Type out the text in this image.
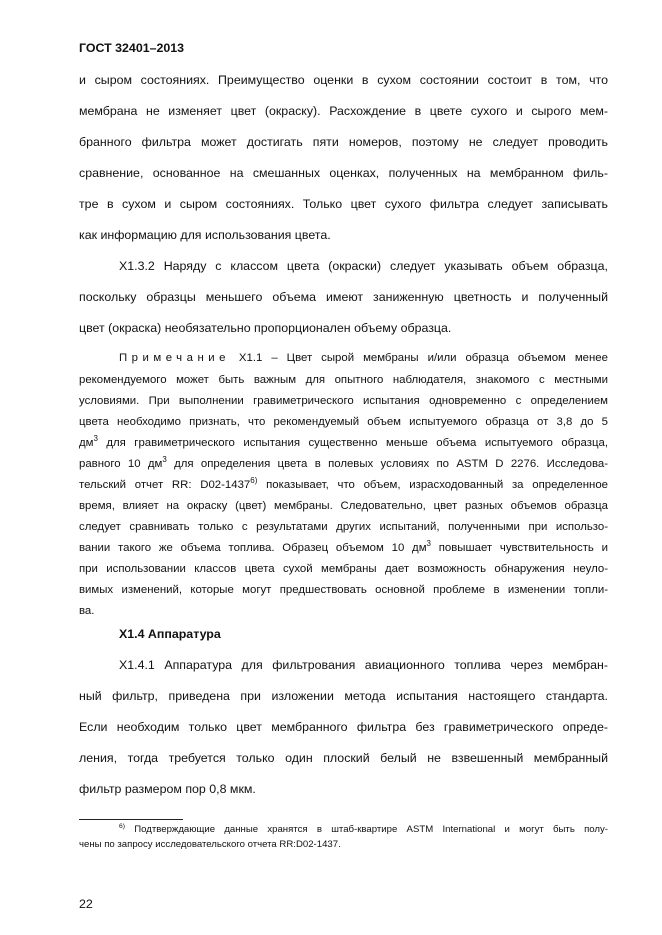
ГОСТ 32401–2013
и сыром состояниях. Преимущество оценки в сухом состоянии состоит в том, что
мембрана не изменяет цвет (окраску). Расхождение в цвете сухого и сырого мем-
бранного фильтра может достигать пяти номеров, поэтому не следует проводить
сравнение, основанное на смешанных оценках, полученных на мембранном филь-
тре в сухом и сыром состояниях. Только цвет сухого фильтра следует записывать
как информацию для использования цвета.
Х1.3.2 Наряду с классом цвета (окраски) следует указывать объем образца,
поскольку образцы меньшего объема имеют заниженную цветность и полученный
цвет (окраска) необязательно пропорционален объему образца.
Примечание Х1.1 – Цвет сырой мембраны и/или образца объемом менее
рекомендуемого может быть важным для опытного наблюдателя, знакомого с местными
условиями. При выполнении гравиметрического испытания одновременно с определением
цвета необходимо признать, что рекомендуемый объем испытуемого образца от 3,8 до 5
$дм^3$ для гравиметрического испытания существенно меньше объема испытуемого образца,
равного 10 $дм^3$ для определения цвета в полевых условиях по ASTM D 2276. Исследова-
тельский отчет RR: D02-1437$^{6)}$ показывает, что объем, израсходованный за определенное
время, влияет на окраску (цвет) мембраны. Следовательно, цвет разных объемов образца
следует сравнивать только с результатами других испытаний, полученными при использо-
вании такого же объема топлива. Образец объемом 10 $дм^3$ повышает чувствительность и
при использовании классов цвета сухой мембраны дает возможность обнаружения неуло-
вимых изменений, которые могут предшествовать основной проблеме в изменении топли-
ва.
Х1.4 Аппаратура
Х1.4.1 Аппаратура для фильтрования авиационного топлива через мембран-
ный фильтр, приведена при изложении метода испытания настоящего стандарта.
Если необходим только цвет мембранного фильтра без гравиметрического опреде-
ления, тогда требуется только один плоский белый не взвешенный мембранный
фильтр размером пор 0,8 мкм.
$^{6)}$ Подтверждающие данные хранятся в штаб-квартире ASTM International и могут быть полу-
чены по запросу исследовательского отчета RR:D02-1437.
22
